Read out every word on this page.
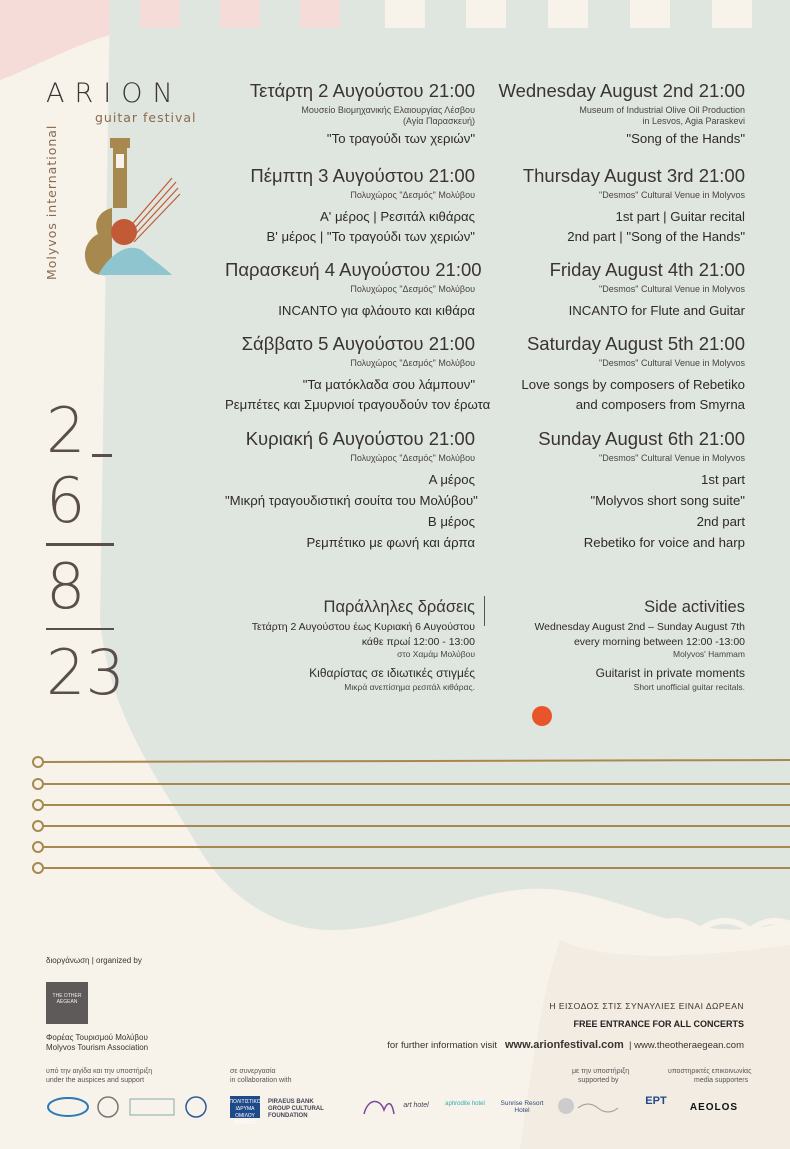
ARION
guitar festival
Molyvos international
2
6
8
23
Τετάρτη 2 Αυγούστου 21:00
Μουσείο Βιομηχανικής Ελαιουργίας Λέσβου
(Αγία Παρασκευή)
"Το τραγούδι των χεριών"
Πέμπτη 3 Αυγούστου 21:00
Πολυχώρος "Δεσμός" Μολύβου
Α' μέρος | Ρεσιτάλ κιθάρας
Β' μέρος | "Το τραγούδι των χεριών"
Παρασκευή 4 Αυγούστου 21:00
Πολυχώρος "Δεσμός" Μολύβου
INCANTO για φλάουτο και κιθάρα
Σάββατο 5 Αυγούστου 21:00
Πολυχώρος "Δεσμός" Μολύβου
"Τα ματόκλαδα σου λάμπουν"
Ρεμπέτες και Σμυρνιοί τραγουδούν τον έρωτα
Κυριακή 6 Αυγούστου 21:00
Πολυχώρος "Δεσμός" Μολύβου
Α μέρος
"Μικρή τραγουδιστική σουίτα του Μολύβου"
Β μέρος
Ρεμπέτικο με φωνή και άρπα
Wednesday August 2nd 21:00
Museum of Industrial Olive Oil Production
in Lesvos, Agia Paraskevi
"Song of the Hands"
Thursday August 3rd 21:00
"Desmos" Cultural Venue in Molyvos
1st part | Guitar recital
2nd part | "Song of the Hands"
Friday August 4th 21:00
"Desmos" Cultural Venue in Molyvos
INCANTO for Flute and Guitar
Saturday August 5th 21:00
"Desmos" Cultural Venue in Molyvos
Love songs by composers of Rebetiko
and composers from Smyrna
Sunday August 6th 21:00
"Desmos" Cultural Venue in Molyvos
1st part
"Molyvos short song suite"
2nd part
Rebetiko for voice and harp
Παράλληλες δράσεις
Τετάρτη 2 Αυγούστου έως Κυριακή 6 Αυγούστου
κάθε πρωί 12:00 - 13:00
στο Χαμάμ Μολύβου
Κιθαρίστας σε ιδιωτικές στιγμές
Μικρά ανεπίσημα ρεσιτάλ κιθάρας.
Side activities
Wednesday August 2nd – Sunday August 7th
every morning between 12:00 -13:00
Molyvos' Hammam
Guitarist in private moments
Short unofficial guitar recitals.
διοργάνωση | organized by
THE OTHER AEGEAN
Φορέας Τουρισμού Μολύβου
Molyvos Tourism Association
Η ΕΙΣΟΔΟΣ ΣΤΙΣ ΣΥΝΑΥΛΙΕΣ ΕΙΝΑΙ ΔΩΡΕΑΝ
FREE ENTRANCE FOR ALL CONCERTS
for further information visit www.arionfestival.com  | www.theotheraegean.com
υπό την αιγίδα και την υποστήριξη
under the auspices and support
σε συνεργασία
in collaboration with
με την υποστήριξη
supported by
υποστηρικτές επικοινωνίας
media supporters
ΠΟΛΙΤΙΣΤΙΚΟ ΙΔΡΥΜΑ ΟΜΙΛΟΥ ΠΕΙΡΑΙΩΣ
PIRAEUS BANK GROUP CULTURAL FOUNDATION
art hotel	aphrodite hotel	Sunrise Resort Hotel
ΕΡΤ
AEOLOS
